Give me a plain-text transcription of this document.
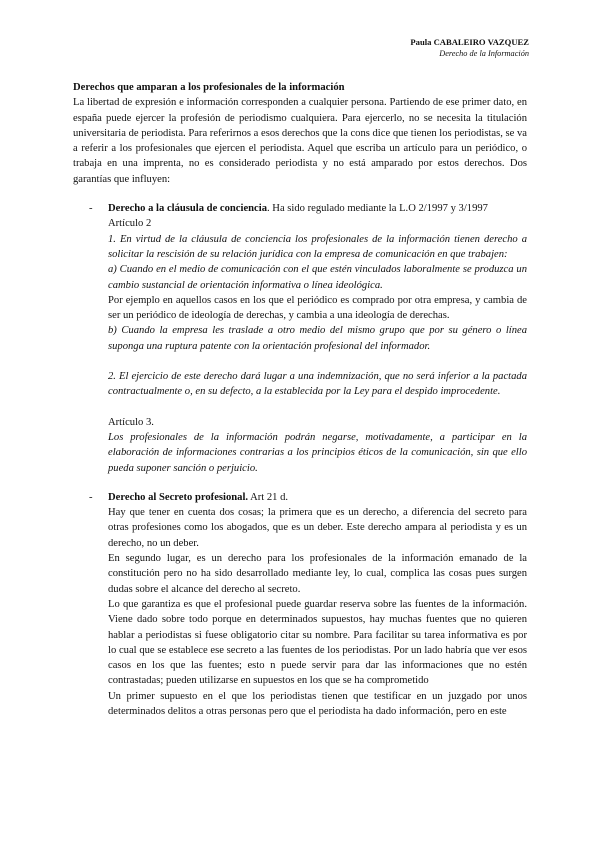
Paula CABALEIRO VAZQUEZ
Derecho de la Información

Derechos que amparan a los profesionales de la información

La libertad de expresión e información corresponden a cualquier persona. Partiendo de ese primer dato, en españa puede ejercer la profesión de periodismo cualquiera. Para ejercerlo, no se necesita la titulación universitaria de periodista. Para referirnos a esos derechos que la cons dice que tienen los periodistas, se va a referir a los profesionales que ejercen el periodista. Aquel que escriba un artículo para un periódico, o trabaja en una imprenta, no es considerado periodista y no está amparado por estos derechos. Dos garantías que influyen:

- Derecho a la cláusula de conciencia. Ha sido regulado mediante la L.O 2/1997 y 3/1997

Artículo 2

1. En virtud de la cláusula de conciencia los profesionales de la información tienen derecho a solicitar la rescisión de su relación jurídica con la empresa de comunicación en que trabajen:

a) Cuando en el medio de comunicación con el que estén vinculados laboralmente se produzca un cambio sustancial de orientación informativa o línea ideológica.

Por ejemplo en aquellos casos en los que el periódico es comprado por otra empresa, y cambia de ser un periódico de ideología de derechas, y cambia a una ideología de derechas.

b) Cuando la empresa les traslade a otro medio del mismo grupo que por su género o línea suponga una ruptura patente con la orientación profesional del informador.

2. El ejercicio de este derecho dará lugar a una indemnización, que no será inferior a la pactada contractualmente o, en su defecto, a la establecida por la Ley para el despido improcedente.

Artículo 3.

Los profesionales de la información podrán negarse, motivadamente, a participar en la elaboración de informaciones contrarias a los principios éticos de la comunicación, sin que ello pueda suponer sanción o perjuicio.

- Derecho al Secreto profesional. Art 21 d.

Hay que tener en cuenta dos cosas; la primera que es un derecho, a diferencia del secreto para otras profesiones como los abogados, que es un deber. Este derecho ampara al periodista y es un derecho, no un deber.

En segundo lugar, es un derecho para los profesionales de la información emanado de la constitución pero no ha sido desarrollado mediante ley, lo cual, complica las cosas pues surgen dudas sobre el alcance del derecho al secreto.

Lo que garantiza es que el profesional puede guardar reserva sobre las fuentes de la información. Viene dado sobre todo porque en determinados supuestos, hay muchas fuentes que no quieren hablar a periodistas si fuese obligatorio citar su nombre. Para facilitar su tarea informativa es por lo cual que se establece ese secreto a las fuentes de los periodistas. Por un lado habría que ver esos casos en los que las fuentes; esto n puede servir para dar las informaciones que no estén contrastadas; pueden utilizarse en supuestos en los que se ha comprometido

Un primer supuesto en el que los periodistas tienen que testificar en un juzgado por unos determinados delitos a otras personas pero que el periodista ha dado información, pero en este
